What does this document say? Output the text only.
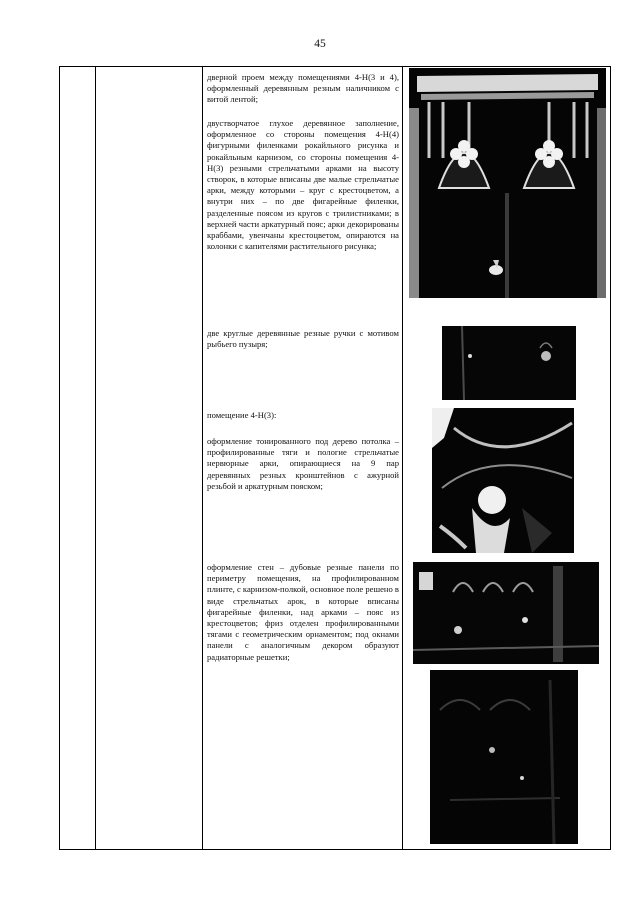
45

дверной проем между помещениями 4-Н(3 и 4), оформленный деревянным резным наличником с витой лентой;

двустворчатое глухое деревянное заполнение, оформленное со стороны помещения 4-Н(4) фигурными филенками рокайльного рисунка и рокайльным карнизом, со стороны помещения 4-Н(3) резными стрельчатыми арками на высоту створок, в которые вписаны две малые стрельчатые арки, между которыми – круг с крестоцветом, а внутри них – по две фигарейные филенки, разделенные поясом из кругов с трилистниками; в верхней части аркатурный пояс; арки декорированы краббами, увенчаны крестоцветом, опираются на колонки с капителями растительного рисунка;

две круглые деревянные резные ручки с мотивом рыбьего пузыря;

помещение 4-Н(3):

оформление тонированного под дерево потолка – профилированные тяги и пологие стрельчатые нервюрные арки, опирающиеся на 9 пар деревянных резных кронштейнов с ажурной резьбой и аркатурным пояском;

оформление стен – дубовые резные панели по периметру помещения, на профилированном плинте, с карнизом-полкой, основное поле решено в виде стрельчатых арок, в которые вписаны фигарейные филенки, над арками – пояс из крестоцветов; фриз отделен профилированными тягами с геометрическим орнаментом; под окнами панели с аналогичным декором образуют радиаторные решетки;
